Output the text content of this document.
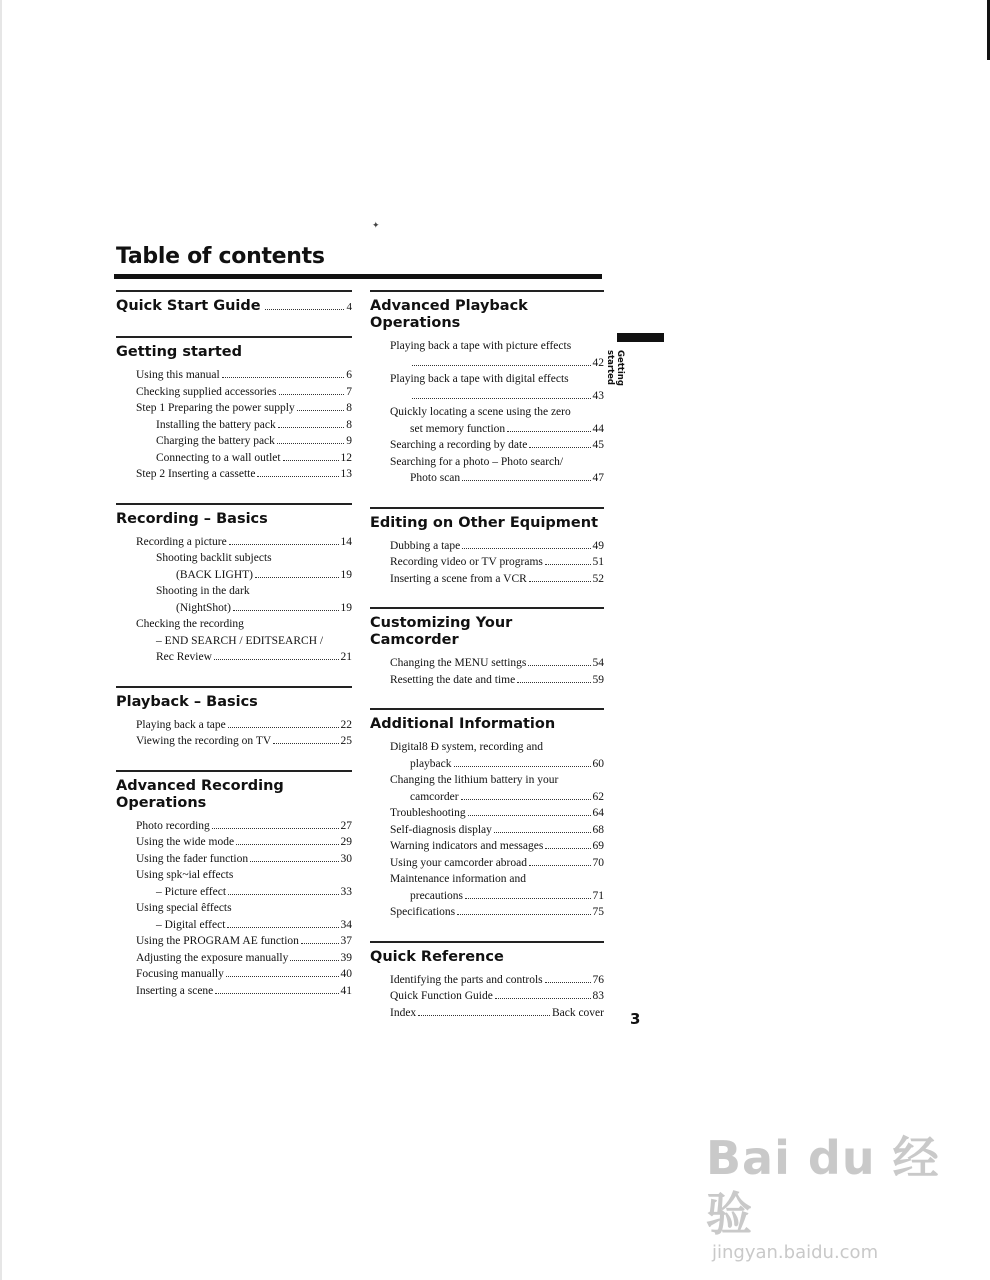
✦
Table of contents
Quick Start Guide	4
Getting started
Using this manual	6
Checking supplied accessories	7
Step 1 Preparing the power supply	8
Installing the battery pack	8
Charging the battery pack	9
Connecting to a wall outlet	12
Step 2 Inserting a cassette	13
Recording – Basics
Recording a picture	14
Shooting backlit subjects
(BACK LIGHT)	19
Shooting in the dark
(NightShot)	19
Checking the recording
– END SEARCH / EDITSEARCH /
Rec Review	21
Playback – Basics
Playing back a tape	22
Viewing the recording on TV	25
Advanced Recording Operations
Photo recording	27
Using the wide mode	29
Using the fader function	30
Using spk~ial effects
– Picture effect	33
Using special êffects
– Digital effect	34
Using the PROGRAM AE function	37
Adjusting the exposure manually	39
Focusing manually	40
Inserting a scene	41
Advanced Playback Operations
Playing back a tape with picture effects
42
Playing back a tape with digital effects
43
Quickly locating a scene using the zero
set memory function	44
Searching a recording by date	45
Searching for a photo – Photo search/
Photo scan	47
Editing on Other Equipment
Dubbing a tape	49
Recording video or TV programs	51
Inserting a scene from a VCR	52
Customizing Your Camcorder
Changing the MENU settings	54
Resetting the date and time	59
Additional Information
Digital8 Ð system, recording and
playback	60
Changing the lithium battery in your
camcorder	62
Troubleshooting	64
Self-diagnosis display	68
Warning indicators and messages	69
Using your camcorder abroad	70
Maintenance information and
precautions	71
Specifications	75
Quick Reference
Identifying the parts and controls	76
Quick Function Guide	83
Index	Back cover
Getting started
3
Bai du 经验
jingyan.baidu.com
